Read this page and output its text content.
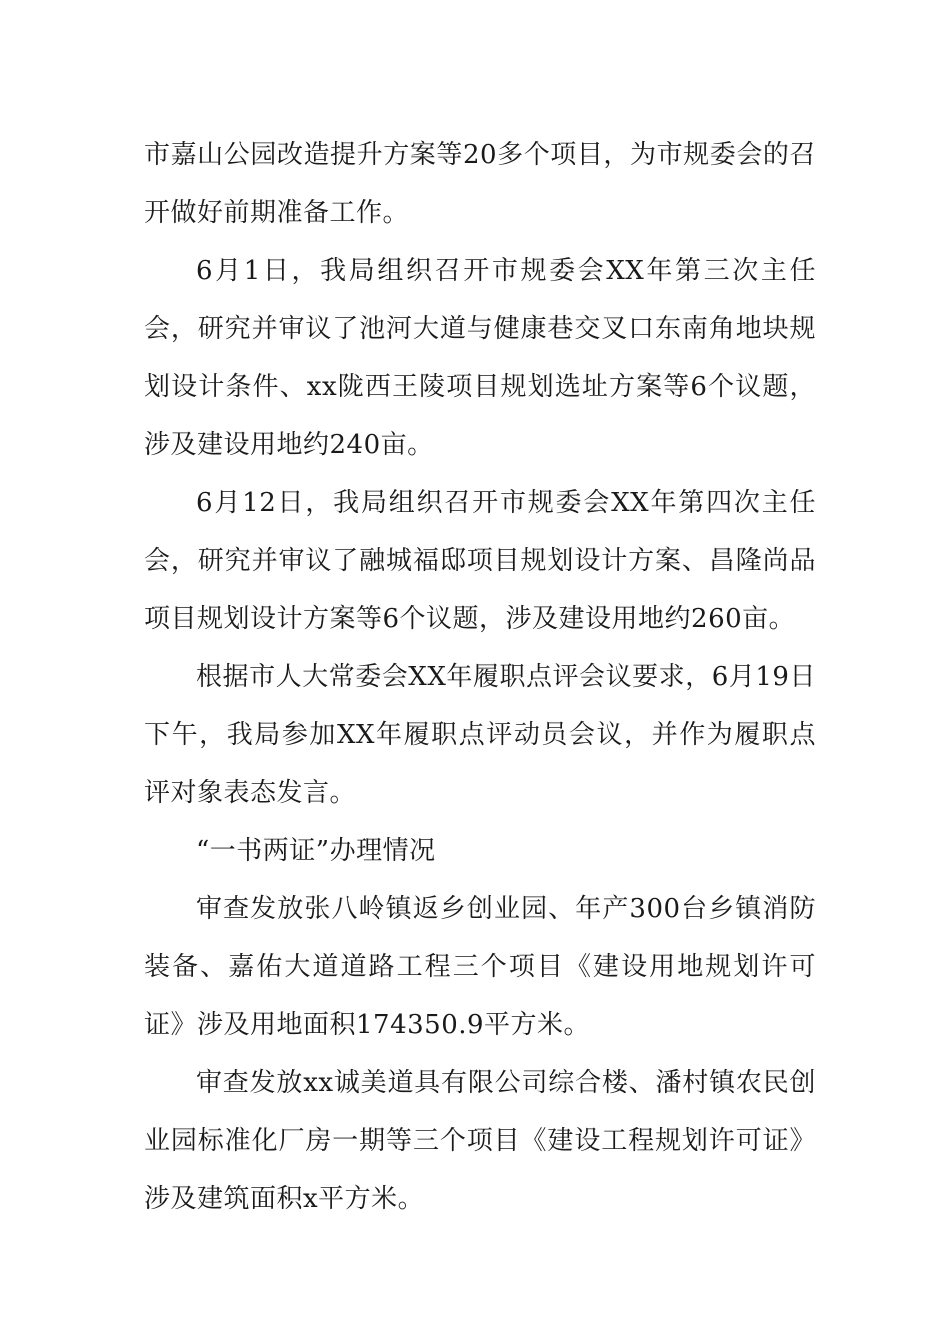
市嘉山公园改造提升方案等20多个项目，为市规委会的召开做好前期准备工作。

6月1日，我局组织召开市规委会XX年第三次主任会，研究并审议了池河大道与健康巷交叉口东南角地块规划设计条件、xx陇西王陵项目规划选址方案等6个议题，涉及建设用地约240亩。

6月12日，我局组织召开市规委会XX年第四次主任会，研究并审议了融城福邸项目规划设计方案、昌隆尚品项目规划设计方案等6个议题，涉及建设用地约260亩。

根据市人大常委会XX年履职点评会议要求，6月19日下午，我局参加XX年履职点评动员会议，并作为履职点评对象表态发言。

“一书两证”办理情况

审查发放张八岭镇返乡创业园、年产300台乡镇消防装备、嘉佑大道道路工程三个项目《建设用地规划许可证》涉及用地面积174350.9平方米。

审查发放xx诚美道具有限公司综合楼、潘村镇农民创业园标准化厂房一期等三个项目《建设工程规划许可证》涉及建筑面积x平方米。
